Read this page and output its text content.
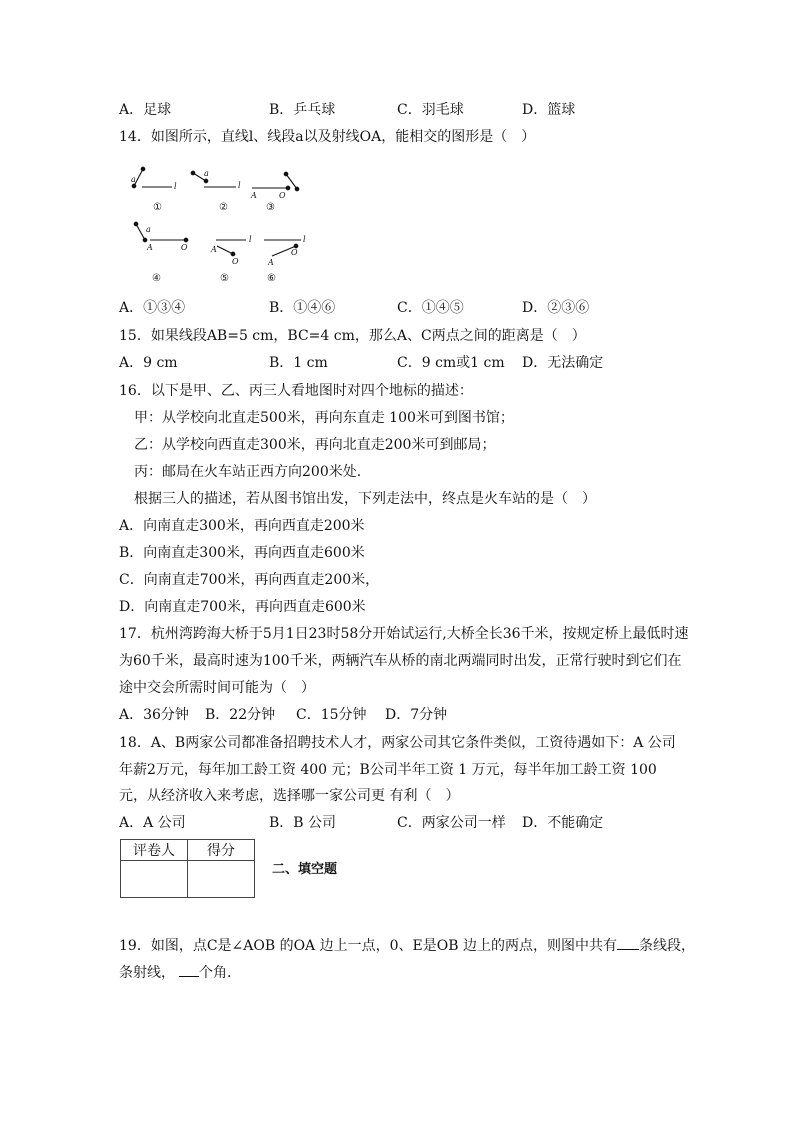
A．足球	B．乒乓球	C．羽毛球	D．篮球
14．如图所示，直线l、线段a以及射线OA，能相交的图形是（　）
a
l
a
l
A	O
a
A	O
l
A
O
l
A
O
①	②	③
④	⑤	⑥
A．①③④	B．①④⑥	C．①④⑤	D．②③⑥
15．如果线段AB=5 cm，BC=4 cm，那么A、C两点之间的距离是（　）
A．9 cm	B．1 cm	C．9 cm或1 cm D．无法确定
16．以下是甲、乙、丙三人看地图时对四个地标的描述：
甲：从学校向北直走500米，再向东直走 100米可到图书馆；
乙：从学校向西直走300米，再向北直走200米可到邮局；
丙：邮局在火车站正西方向200米处.
根据三人的描述，若从图书馆出发，下列走法中，终点是火车站的是（　）
A．向南直走300米，再向西直走200米
B．向南直走300米，再向西直走600米
C．向南直走700米，再向西直走200米，
D．向南直走700米，再向西直走600米
17．杭州湾跨海大桥于5月1日23时58分开始试运行,大桥全长36千米，按规定桥上最低时速
为60千米，最高时速为100千米，两辆汽车从桥的南北两端同时出发，正常行驶时到它们在
途中交会所需时间可能为（　）
A．36分钟 B．22分钟 C．15分钟 D．7分钟
18．A、B两家公司都准备招聘技术人才，两家公司其它条件类似，工资待遇如下：A 公司
年薪2万元，每年加工龄工资 400 元；B公司半年工资 1 万元，每半年加工龄工资 100
元，从经济收入来考虑，选择哪一家公司更 有利（　）
A．A 公司	B．B 公司	C．两家公司一样 D．不能确定
评卷人	得分

二、填空题
19．如图，点C是∠AOB 的OA 边上一点，0、E是OB 边上的两点，则图中共有 条线段，
条射线， 个角.
